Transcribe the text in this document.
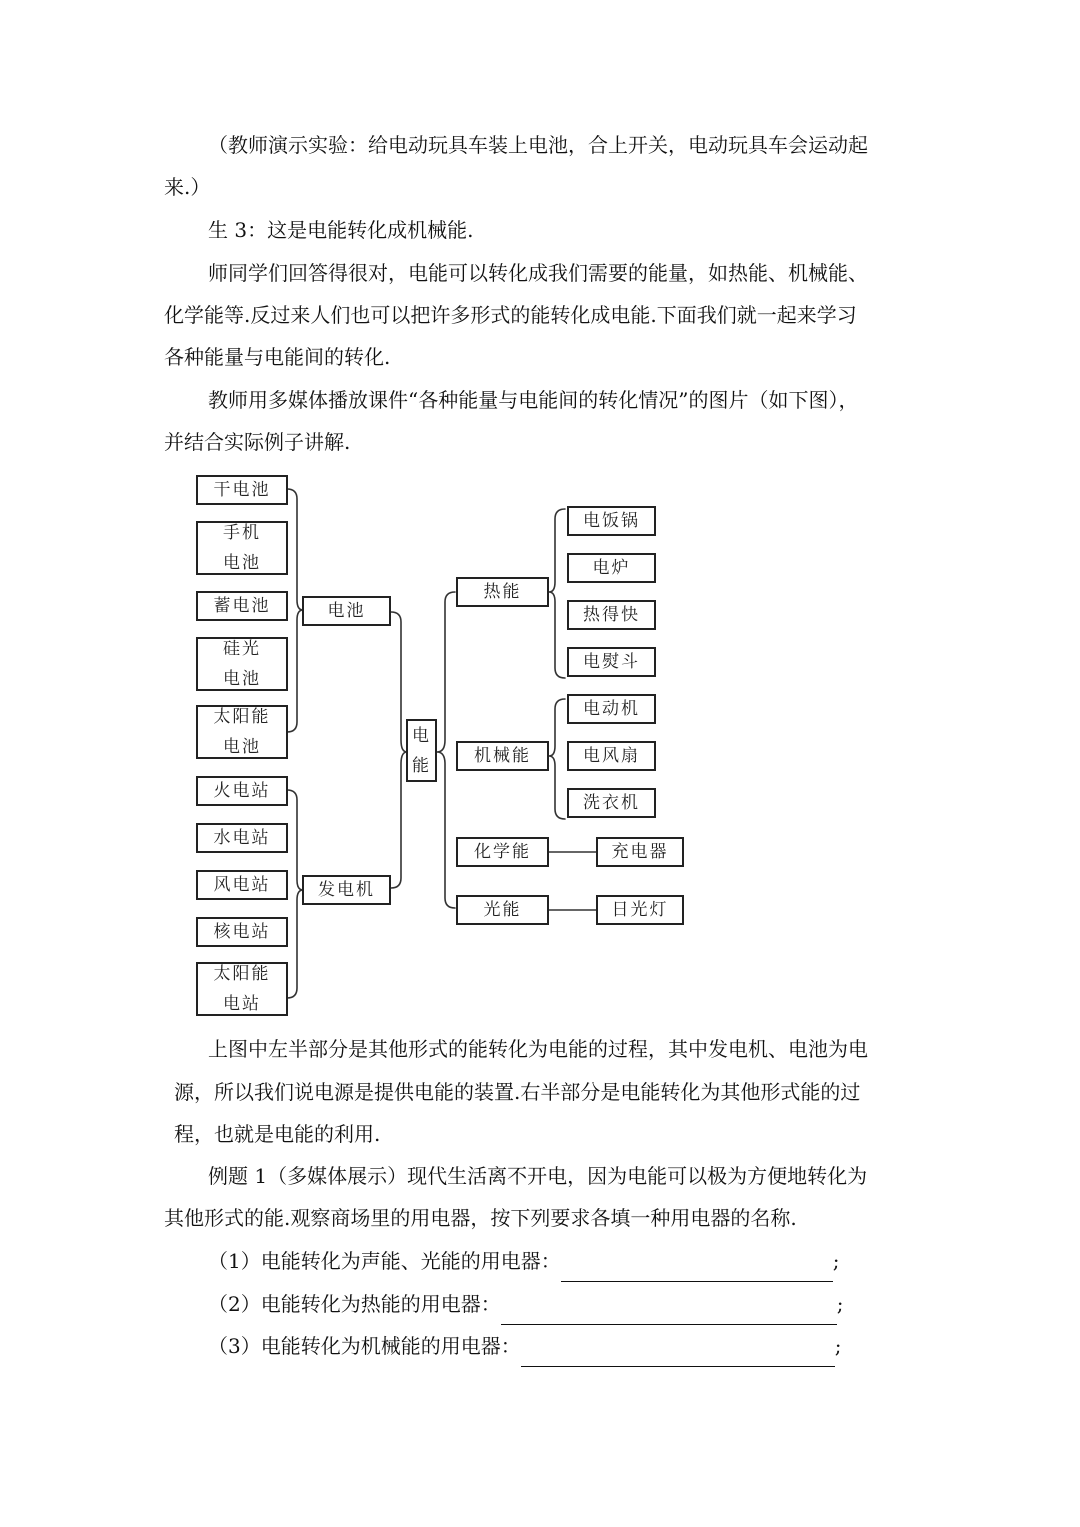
（教师演示实验：给电动玩具车装上电池，合上开关，电动玩具车会运动起

来.）

生 3：这是电能转化成机械能.

师同学们回答得很对，电能可以转化成我们需要的能量，如热能、机械能、

化学能等.反过来人们也可以把许多形式的能转化成电能.下面我们就一起来学习

各种能量与电能间的转化.

教师用多媒体播放课件“各种能量与电能间的转化情况”的图片（如下图），

并结合实际例子讲解.

干电池
手机
电池
蓄电池
硅光
电池
太阳能
电池
火电站
水电站
风电站
核电站
太阳能
电站
电池
发电机
电
能
热能
机械能
化学能
光能
电饭锅
电炉
热得快
电熨斗
电动机
电风扇
洗衣机
充电器
日光灯

上图中左半部分是其他形式的能转化为电能的过程，其中发电机、电池为电

源，所以我们说电源是提供电能的装置.右半部分是电能转化为其他形式能的过

程，也就是电能的利用.

例题 1（多媒体展示）现代生活离不开电，因为电能可以极为方便地转化为

其他形式的能.观察商场里的用电器，按下列要求各填一种用电器的名称.

（1）电能转化为声能、光能的用电器：	;

（2）电能转化为热能的用电器：	;

（3）电能转化为机械能的用电器：	;
